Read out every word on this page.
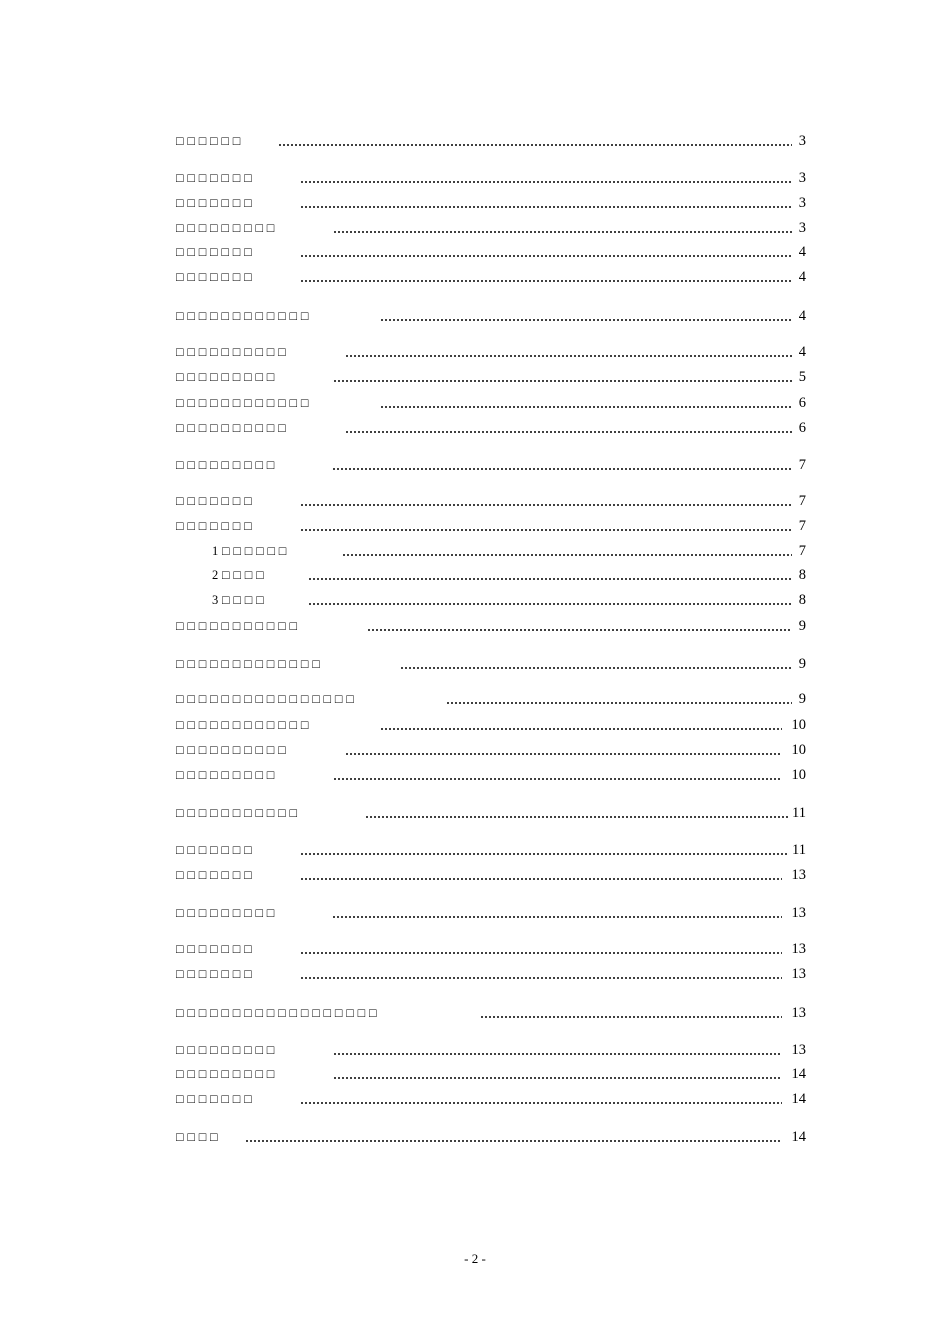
□□□□□□	3
□□□□□□□	3
□□□□□□□	3
□□□□□□□□□	3
□□□□□□□	4
□□□□□□□	4
□□□□□□□□□□□□	4
□□□□□□□□□□	4
□□□□□□□□□	5
□□□□□□□□□□□□	6
□□□□□□□□□□	6
□□□□□□□□□	7
□□□□□□□	7
□□□□□□□	7
1□□□□□□	7
2□□□□	8
3□□□□	8
□□□□□□□□□□□	9
□□□□□□□□□□□□□	9
□□□□□□□□□□□□□□□□	9
□□□□□□□□□□□□	10
□□□□□□□□□□	10
□□□□□□□□□	10
□□□□□□□□□□□	11
□□□□□□□	11
□□□□□□□	13
□□□□□□□□□	13
□□□□□□□	13
□□□□□□□	13
□□□□□□□□□□□□□□□□□□	13
□□□□□□□□□	13
□□□□□□□□□	14
□□□□□□□	14
□□□□	14
- 2 -
